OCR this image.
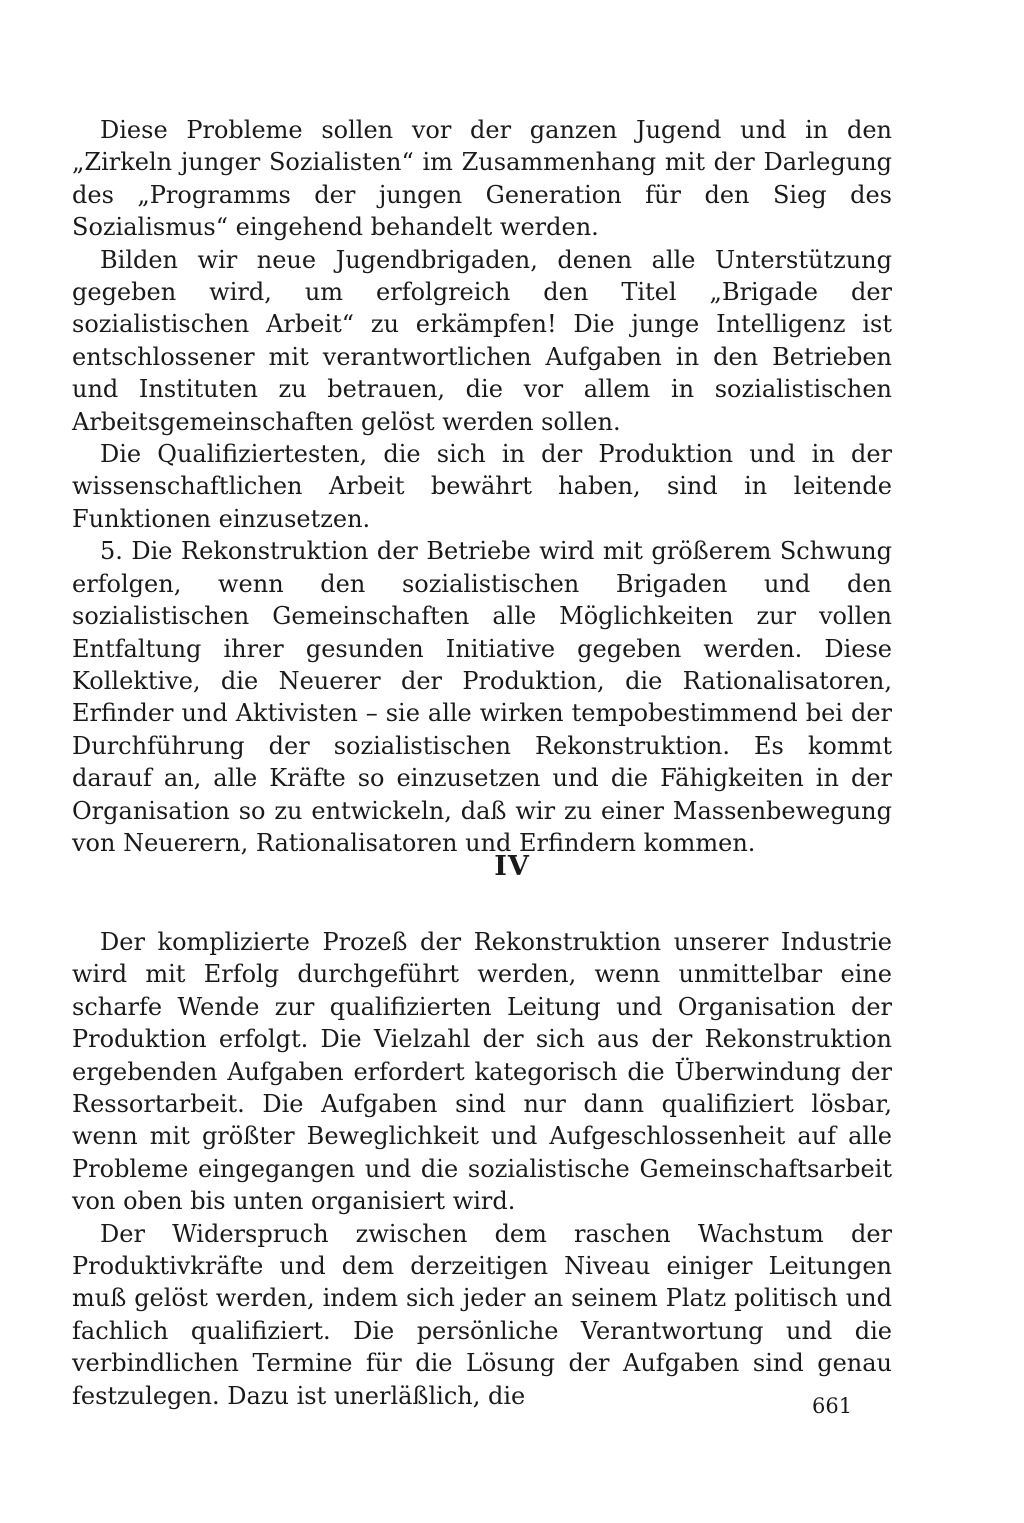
Diese Probleme sollen vor der ganzen Jugend und in den „Zirkeln junger Sozialisten“ im Zusammenhang mit der Darlegung des „Programms der jungen Generation für den Sieg des Sozialismus“ eingehend behandelt werden.

Bilden wir neue Jugendbrigaden, denen alle Unterstützung gegeben wird, um erfolgreich den Titel „Brigade der sozialistischen Arbeit“ zu erkämpfen! Die junge Intelligenz ist entschlossener mit verantwortlichen Aufgaben in den Betrieben und Instituten zu betrauen, die vor allem in sozialistischen Arbeitsgemeinschaften gelöst werden sollen.

Die Qualifiziertesten, die sich in der Produktion und in der wissenschaftlichen Arbeit bewährt haben, sind in leitende Funktionen einzusetzen.

5. Die Rekonstruktion der Betriebe wird mit größerem Schwung erfolgen, wenn den sozialistischen Brigaden und den sozialistischen Gemeinschaften alle Möglichkeiten zur vollen Entfaltung ihrer gesunden Initiative gegeben werden. Diese Kollektive, die Neuerer der Produktion, die Rationalisatoren, Erfinder und Aktivisten – sie alle wirken tempobestimmend bei der Durchführung der sozialistischen Rekonstruktion. Es kommt darauf an, alle Kräfte so einzusetzen und die Fähigkeiten in der Organisation so zu entwickeln, daß wir zu einer Massenbewegung von Neuerern, Rationalisatoren und Erfindern kommen.

IV

Der komplizierte Prozeß der Rekonstruktion unserer Industrie wird mit Erfolg durchgeführt werden, wenn unmittelbar eine scharfe Wende zur qualifizierten Leitung und Organisation der Produktion erfolgt. Die Vielzahl der sich aus der Rekonstruktion ergebenden Aufgaben erfordert kategorisch die Überwindung der Ressortarbeit. Die Aufgaben sind nur dann qualifiziert lösbar, wenn mit größter Beweglichkeit und Aufgeschlossenheit auf alle Probleme eingegangen und die sozialistische Gemeinschaftsarbeit von oben bis unten organisiert wird.

Der Widerspruch zwischen dem raschen Wachstum der Produktivkräfte und dem derzeitigen Niveau einiger Leitungen muß gelöst werden, indem sich jeder an seinem Platz politisch und fachlich qualifiziert. Die persönliche Verantwortung und die verbindlichen Termine für die Lösung der Aufgaben sind genau festzulegen. Dazu ist unerläßlich, die	661
